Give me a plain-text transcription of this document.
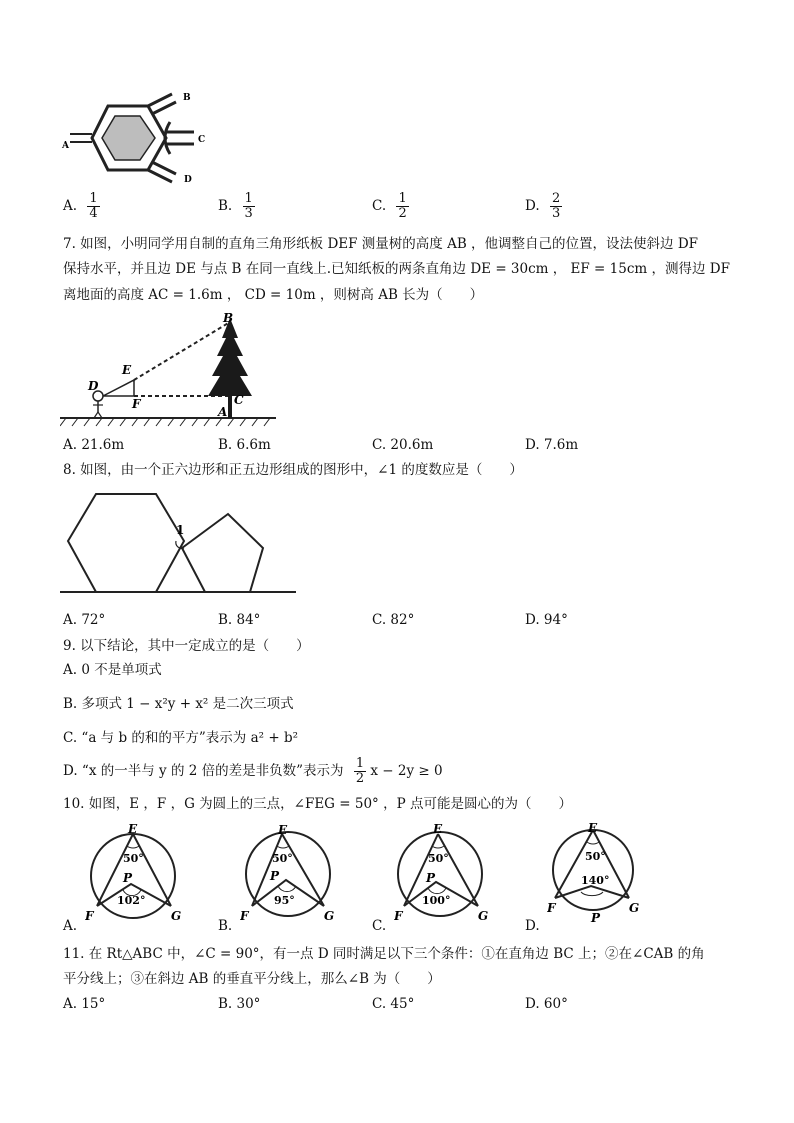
B
C
D
A
A. $\frac{1}{4}$	B. $\frac{1}{3}$	C. $\frac{1}{2}$	D. $\frac{2}{3}$
7. 如图，小明同学用自制的直角三角形纸板 DEF 测量树的高度 AB ，他调整自己的位置，设法使斜边 DF
保持水平，并且边 DE 与点 B 在同一直线上.已知纸板的两条直角边 DE = 30cm ， EF = 15cm ，测得边 DF
离地面的高度 AC = 1.6m ， CD = 10m ，则树高 AB 长为（　　）
B
E
D
F	C
A
A. 21.6m	B. 6.6m	C. 20.6m	D. 7.6m
8. 如图，由一个正六边形和正五边形组成的图形中，∠1 的度数应是（　　）
1
A. 72°	B. 84°	C. 82°	D. 94°
9. 以下结论，其中一定成立的是（　　）
A. 0 不是单项式
B. 多项式 1 − x²y + x² 是二次三项式
C. “a 与 b 的和的平方”表示为 a² + b²
D. “x 的一半与 y 的 2 倍的差是非负数”表示为 $\frac{1}{2}$ x − 2y ≥ 0
10. 如图，E ，F ，G 为圆上的三点，∠FEG = 50° ，P 点可能是圆心的为（　　）
A.
E
50°
P
102°
F	G
B.
E
50°
P
95°
F	G
C.
E
50°
P
100°
F	G
D.
E
50°
140°
F	G
P
11. 在 Rt△ABC 中，∠C = 90°，有一点 D 同时满足以下三个条件：①在直角边 BC 上；②在∠CAB 的角
平分线上；③在斜边 AB 的垂直平分线上，那么∠B 为（　　）
A. 15°	B. 30°	C. 45°	D. 60°
